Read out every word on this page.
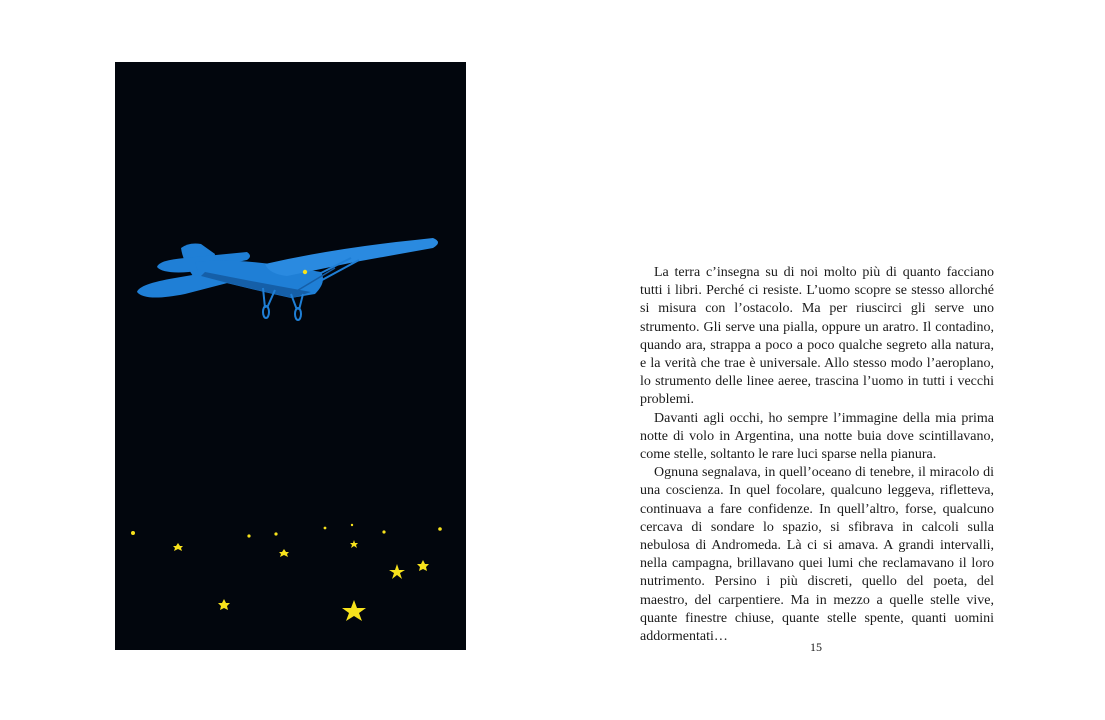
La terra c’insegna su di noi molto più di quanto facciano tutti i libri. Perché ci resiste. L’uomo scopre se stesso allorché si misura con l’ostacolo. Ma per riuscirci gli serve uno strumento. Gli serve una pialla, oppure un aratro. Il contadino, quando ara, strappa a poco a poco qualche segreto alla natura, e la verità che trae è universale. Allo stesso modo l’aeroplano, lo strumento delle linee aeree, trascina l’uomo in tutti i vecchi problemi.

Davanti agli occhi, ho sempre l’immagine della mia prima notte di volo in Argentina, una notte buia dove scintillavano, come stelle, soltanto le rare luci sparse nella pianura.

Ognuna segnalava, in quell’oceano di tenebre, il miracolo di una coscienza. In quel focolare, qualcuno leggeva, rifletteva, continuava a fare confidenze. In quell’altro, forse, qualcuno cercava di sondare lo spazio, si sfibrava in calcoli sulla nebulosa di Andromeda. Là ci si amava. A grandi intervalli, nella campagna, brillavano quei lumi che reclamavano il loro nutrimento. Persino i più discreti, quello del poeta, del maestro, del carpentiere. Ma in mezzo a quelle stelle vive, quante finestre chiuse, quante stelle spente, quanti uomini addormentati…

15
